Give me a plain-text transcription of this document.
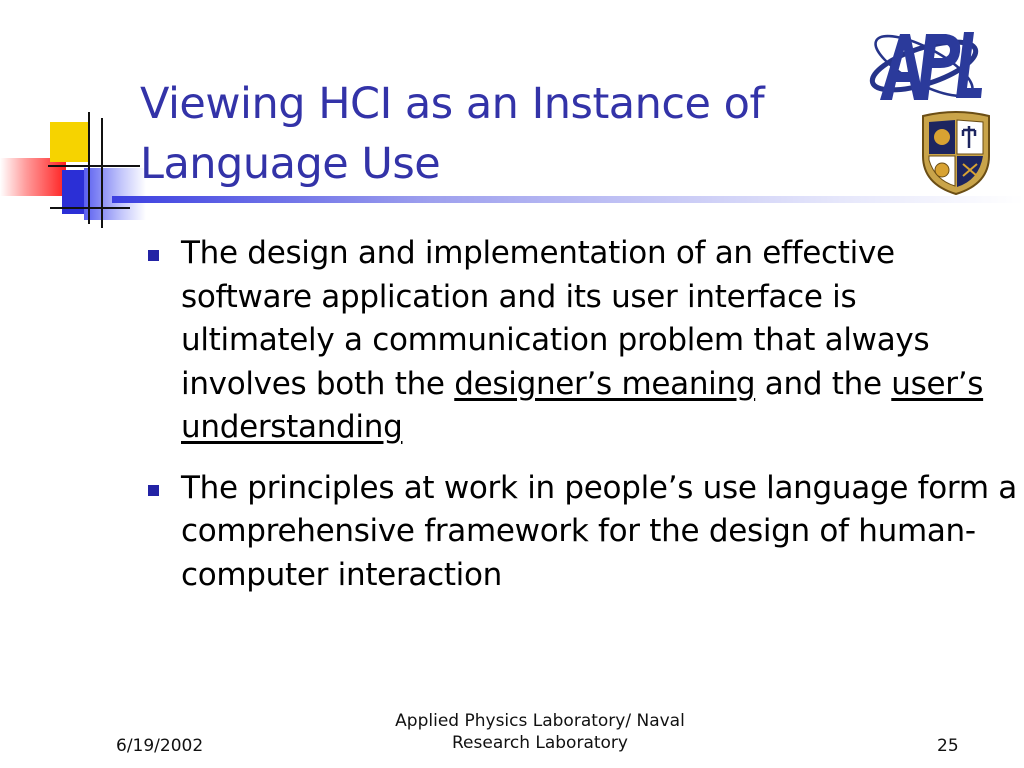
Viewing HCI as an Instance of
Language Use
The design and implementation of an effective software application and its user interface is ultimately a communication problem that always involves both the designer’s meaning and the user’s understanding
The principles at work in people’s use language form a comprehensive framework for the design of human-computer interaction
6/19/2002
Applied Physics Laboratory/ Naval
Research Laboratory	25
